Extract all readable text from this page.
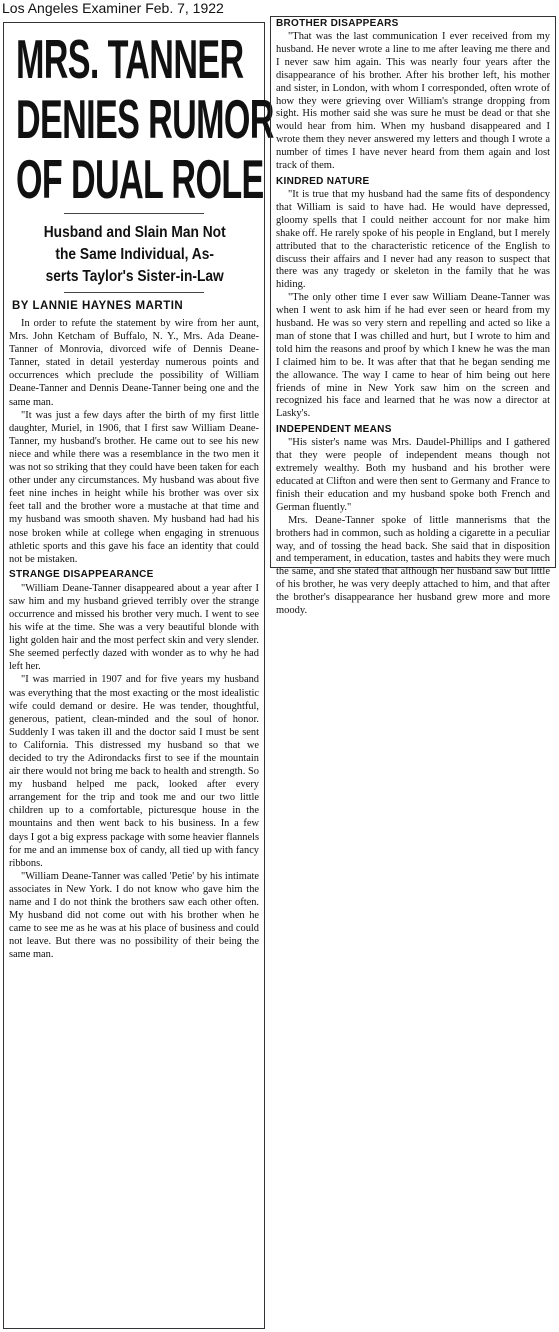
Los Angeles Examiner Feb. 7, 1922
MRS. TANNER
DENIES RUMOR
OF DUAL ROLE
Husband and Slain Man Not
the Same Individual, As-
serts Taylor's Sister-in-Law
BY LANNIE HAYNES MARTIN

In order to refute the statement by wire from her aunt, Mrs. John Ketcham of Buffalo, N. Y., Mrs. Ada Deane-Tanner of Monrovia, divorced wife of Dennis Deane-Tanner, stated in detail yesterday numerous points and occurrences which preclude the possibility of William Deane-Tanner and Dennis Deane-Tanner being one and the same man.

"It was just a few days after the birth of my first little daughter, Muriel, in 1906, that I first saw William Deane-Tanner, my husband's brother. He came out to see his new niece and while there was a resemblance in the two men it was not so striking that they could have been taken for each other under any circumstances. My husband was about five feet nine inches in height while his brother was over six feet tall and the brother wore a mustache at that time and my husband was smooth shaven. My husband had had his nose broken while at college when engaging in strenuous athletic sports and this gave his face an identity that could not be mistaken.

STRANGE DISAPPEARANCE

"William Deane-Tanner disappeared about a year after I saw him and my husband grieved terribly over the strange occurrence and missed his brother very much. I went to see his wife at the time. She was a very beautiful blonde with light golden hair and the most perfect skin and very slender. She seemed perfectly dazed with wonder as to why he had left her.

"I was married in 1907 and for five years my husband was everything that the most exacting or the most idealistic wife could demand or desire. He was tender, thoughtful, generous, patient, clean-minded and the soul of honor. Suddenly I was taken ill and the doctor said I must be sent to California. This distressed my husband so that we decided to try the Adirondacks first to see if the mountain air there would not bring me back to health and strength. So my husband helped me pack, looked after every arrangement for the trip and took me and our two little children up to a comfortable, picturesque house in the mountains and then went back to his business. In a few days I got a big express package with some heavier flannels for me and an immense box of candy, all tied up with fancy ribbons.

"William Deane-Tanner was called 'Petie' by his intimate associates in New York. I do not know who gave him the name and I do not think the brothers saw each other often. My husband did not come out with his brother when he came to see me as he was at his place of business and could not leave. But there was no possibility of their being the same man.

BROTHER DISAPPEARS

"That was the last communication I ever received from my husband. He never wrote a line to me after leaving me there and I never saw him again. This was nearly four years after the disappearance of his brother. After his brother left, his mother and sister, in London, with whom I corresponded, often wrote of how they were grieving over William's strange dropping from sight. His mother said she was sure he must be dead or that she would hear from him. When my husband disappeared and I wrote them they never answered my letters and though I wrote a number of times I have never heard from them again and lost track of them.

KINDRED NATURE

"It is true that my husband had the same fits of despondency that William is said to have had. He would have depressed, gloomy spells that I could neither account for nor make him shake off. He rarely spoke of his people in England, but I merely attributed that to the characteristic reticence of the English to discuss their affairs and I never had any reason to suspect that there was any tragedy or skeleton in the family that he was hiding.

"The only other time I ever saw William Deane-Tanner was when I went to ask him if he had ever seen or heard from my husband. He was so very stern and repelling and acted so like a man of stone that I was chilled and hurt, but I wrote to him and told him the reasons and proof by which I knew he was the man I claimed him to be. It was after that that he began sending me the allowance. The way I came to hear of him being out here friends of mine in New York saw him on the screen and recognized his face and learned that he was now a director at Lasky's.

INDEPENDENT MEANS

"His sister's name was Mrs. Daudel-Phillips and I gathered that they were people of independent means though not extremely wealthy. Both my husband and his brother were educated at Clifton and were then sent to Germany and France to finish their education and my husband spoke both French and German fluently."

Mrs. Deane-Tanner spoke of little mannerisms that the brothers had in common, such as holding a cigarette in a peculiar way, and of tossing the head back. She said that in disposition and temperament, in education, tastes and habits they were much the same, and she stated that although her husband saw but little of his brother, he was very deeply attached to him, and that after the brother's disappearance her husband grew more and more moody.
